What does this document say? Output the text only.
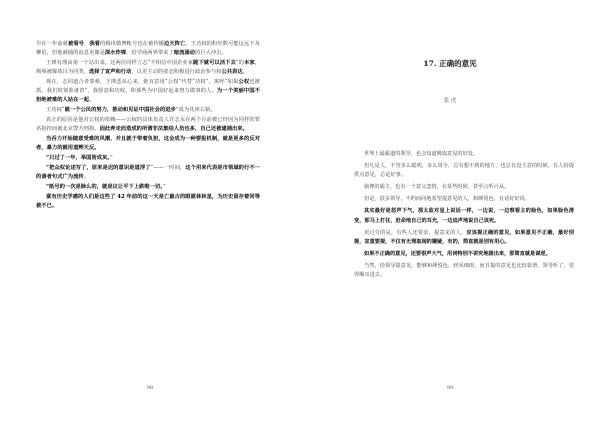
早在一年前就被看号，我看的腾讯微博帐号也在被传播边天阵亡。王功权的粉丝数可能这远不及柳伯，但他被捕的消息更像是深水炸弹，给学商两界带来了暗流涌动的巨大冲击。

王瑛有理由第一个站出来。这两位同样立志“不相信中国企业家跪下就可以活下去”的本家，频频被爆体目为同类，选择了宣声和行动，以更主动的姿态积极进行政治参与和公共表达。

现在，志同道合者蒙难，王瑛悲从心来，她有意用“公权”代替“功权”，寓呼“如果公权也被抓，我们时刻准备着”，我愿意和功权，和那些为中国好起来努力做事的人，为一个美丽中国不担绝被难的人站在一起。

王功权“就一个公民的努力，推动和见证中国社会的进步”成为其座右铭。

真正的原因是他对公权的依赖——公权的具体负责人许志永在两个月前被已经因为同样的罪名指控而被北京警方刑拘，因此奔走而造成的所谓非法集结人员也多，自己还被逮捕出来。

当吞力开始随意受难的风潮，并且就于带着负担，这会成为一种要报机制，就是更多的反对者，暴力的就用道辉天反。

“只过了一年，举国皆成灰。”

“把众权论述写了，原来是迟的意识是道浮了”——一时间，这个用来代表是市领域的行不一的请者句式广为流传。

“纸号的一次是除么的，就是议让平下上跌唯一切。”

富有历史学感的人们是这些了 42 年前的这一天是亡最古的眼就林林星，为历史留存着同等被不已。

98
17. 正确的意见
张 虎

世界上最霸道的领导，也会知道吸取意见的好处。

但凡是人，不管多么聪明，多么周全，总有想不到的地方，也总有没主意的时候，有人给提供点意见，总是好事。

倘俾的霸主，也有一个意父忽情，在某些时候，甚至言听计从。

但是，很多领导，不约而同地希望提意见的人，和颜悦色，有话好好说。

其实最好是怒声下气，那太监对皇上说话一样，一边说，一边察看主的脸色，如果脸色清变，那马上打住，赶命地自己的耳光，一边追声地说自己该死。

更过分的是，有些人还要求，提意见的人，应该提正确的意见，如果意见不正确，最好别提，宣意要提，不仅有无理取闹的嫌疑，有的，简直就是别有用心。

如果不正确的意见，还要很声大气，用词特别不讲究地提出来，那简直就是谋逆。

当然，给领导提意见，能够和颜悦色，轻风细雨，而且提的意见也比较靠谱，领导听了，觉得顺耳进去。

99
